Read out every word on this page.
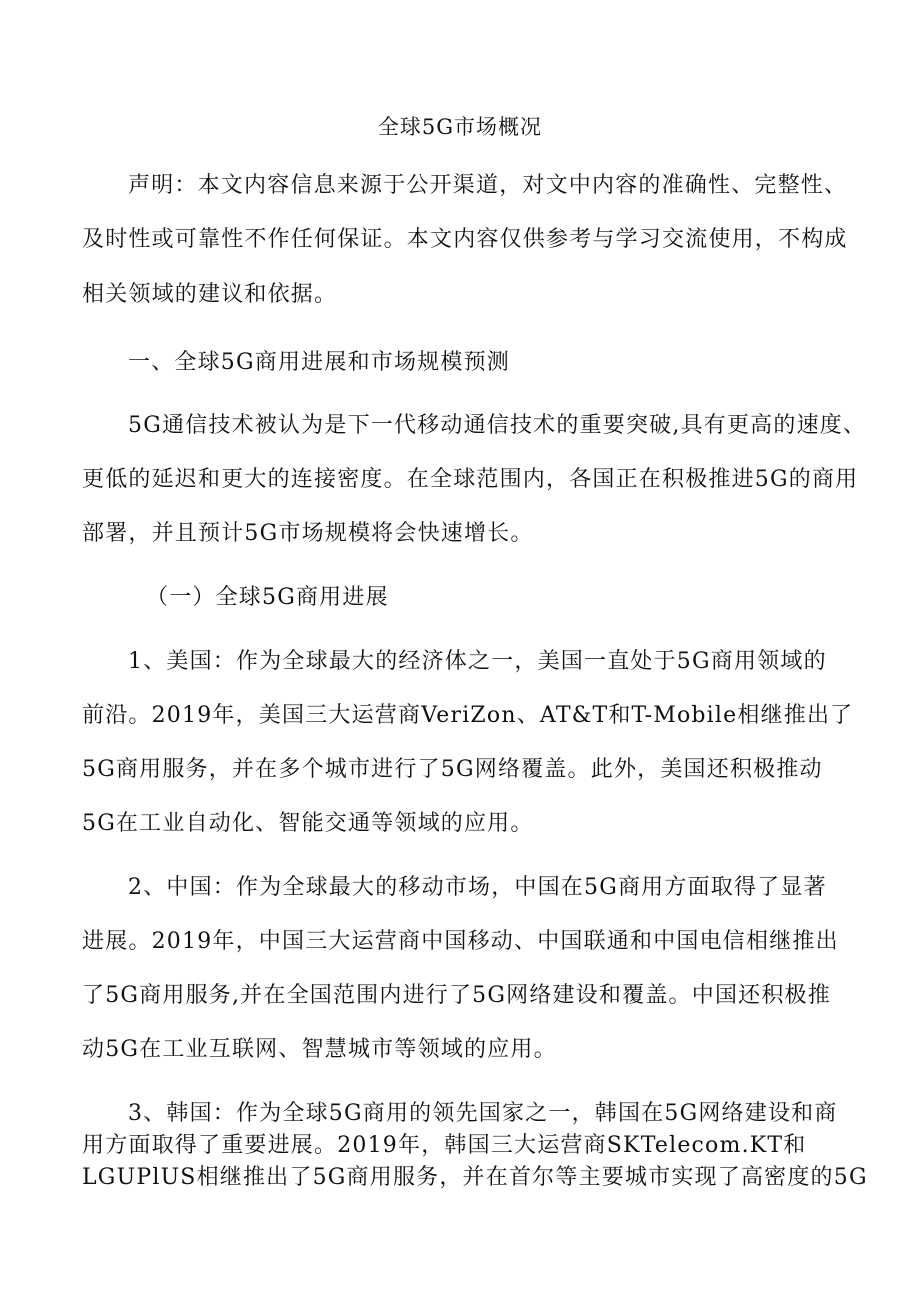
全球5G市场概况
声明：本文内容信息来源于公开渠道，对文中内容的准确性、完整性、
及时性或可靠性不作任何保证。本文内容仅供参考与学习交流使用，不构成
相关领域的建议和依据。
一、全球5G商用进展和市场规模预测
5G通信技术被认为是下一代移动通信技术的重要突破,具有更高的速度、
更低的延迟和更大的连接密度。在全球范围内，各国正在积极推进5G的商用
部署，并且预计5G市场规模将会快速增长。
（一）全球5G商用进展
1、美国：作为全球最大的经济体之一，美国一直处于5G商用领域的
前沿。2019年，美国三大运营商VeriZon、AT&T和T-Mobile相继推出了
5G商用服务，并在多个城市进行了5G网络覆盖。此外，美国还积极推动
5G在工业自动化、智能交通等领域的应用。
2、中国：作为全球最大的移动市场，中国在5G商用方面取得了显著
进展。2019年，中国三大运营商中国移动、中国联通和中国电信相继推出
了5G商用服务,并在全国范围内进行了5G网络建设和覆盖。中国还积极推
动5G在工业互联网、智慧城市等领域的应用。
3、韩国：作为全球5G商用的领先国家之一，韩国在5G网络建设和商
用方面取得了重要进展。2019年，韩国三大运营商SKTelecom.KT和
LGUPlUS相继推出了5G商用服务，并在首尔等主要城市实现了高密度的5G
